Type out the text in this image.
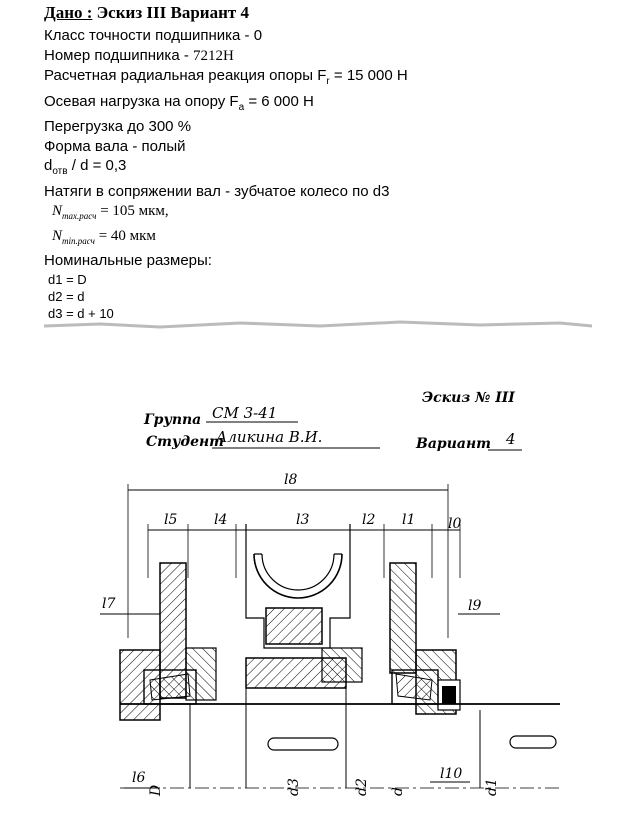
Дано : Эскиз III Вариант 4
Класс точности подшипника - 0
Номер подшипника - 7212H
Расчетная радиальная реакция опоры $F_r = 15$ 000 H
Осевая нагрузка на опору $F_a = 6$ 000 H
Перегрузка до 300 %
Форма вала - полый
$d_{отв} / d = 0,3$
Натяги в сопряжении вал - зубчатое колесо по d3
$N_{max.расч} = 105$ мкм,
$N_{min.расч} = 40$ мкм
Номинальные размеры:
d1 = D
d2 = d
d3 = d + 10
Эскиз № III
Группа СМ 3-41
Студент
Аликина В.И.	Вариант 4
l8
l5	l4	l3	l2 l1 l0
l7	l9
l6
D
l10
d3	d2 d	d1
